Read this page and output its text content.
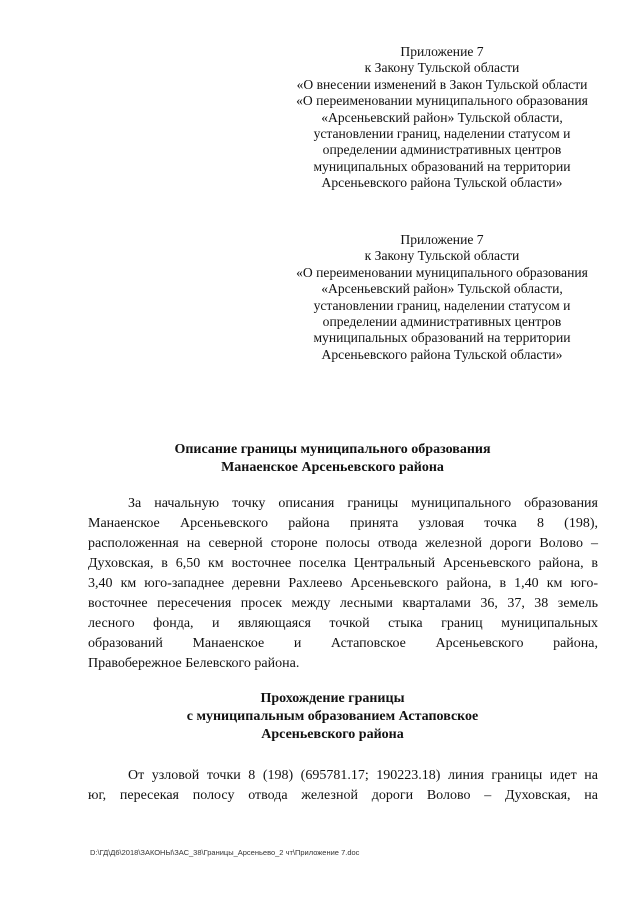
Приложение 7
к Закону Тульской области
«О внесении изменений в Закон Тульской области
«О переименовании муниципального образования
«Арсеньевский район» Тульской области,
установлении границ, наделении статусом и
определении административных центров
муниципальных образований на территории
Арсеньевского района Тульской области»
Приложение 7
к Закону Тульской области
«О переименовании муниципального образования
«Арсеньевский район» Тульской области,
установлении границ, наделении статусом и
определении административных центров
муниципальных образований на территории
Арсеньевского района Тульской области»
Описание границы муниципального образования
Манаенское Арсеньевского района
За начальную точку описания границы муниципального образования
Манаенское Арсеньевского района принята узловая точка 8 (198),
расположенная на северной стороне полосы отвода железной дороги Волово –
Духовская, в 6,50 км восточнее поселка Центральный Арсеньевского района, в
3,40 км юго-западнее деревни Рахлеево Арсеньевского района, в 1,40 км юго-
восточнее пересечения просек между лесными кварталами 36, 37, 38 земель
лесного фонда, и являющаяся точкой стыка границ муниципальных
образований Манаенское и Астаповское Арсеньевского района,
Правобережное Белевского района.
Прохождение границы
с муниципальным образованием Астаповское
Арсеньевского района
От узловой точки 8 (198) (695781.17; 190223.18) линия границы идет на
юг, пересекая полосу отвода железной дороги Волово – Духовская, на
D:\ГД\Д6\2018\ЗАКОНЫ\ЗАС_38\Границы_Арсеньево_2 чт\Приложение 7.doc
